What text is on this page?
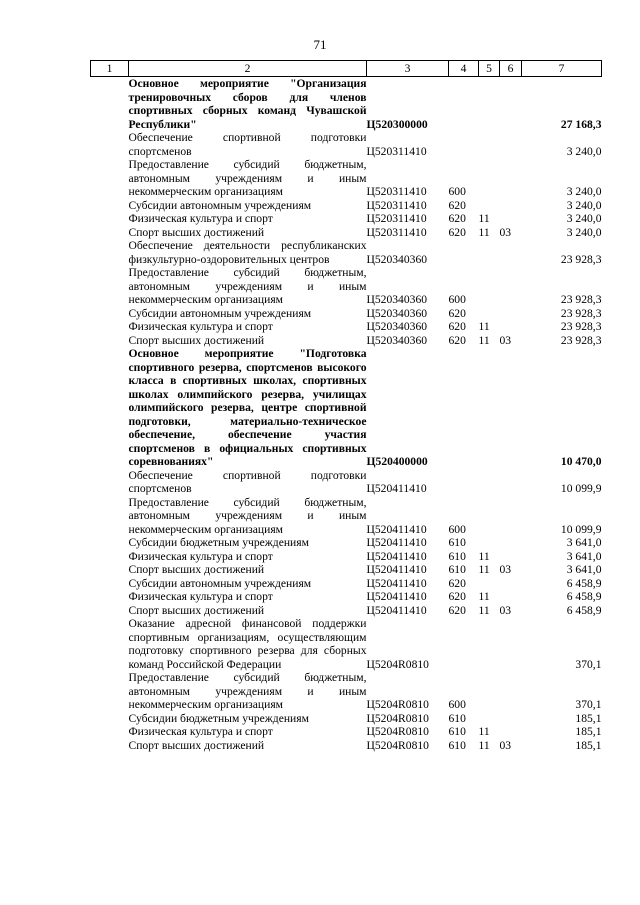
71
1	2	3	4	5	6	7
	Основное мероприятие "Организация тренировочных сборов для членов спортивных сборных команд Чувашской Республики"	Ц520300000				27 168,3
	Обеспечение спортивной подготовки спортсменов	Ц520311410				3 240,0
	Предоставление субсидий бюджетным, автономным учреждениям и иным некоммерческим организациям	Ц520311410	600			3 240,0
	Субсидии автономным учреждениям	Ц520311410	620			3 240,0
	Физическая культура и спорт	Ц520311410	620	11		3 240,0
	Спорт высших достижений	Ц520311410	620	11	03	3 240,0
	Обеспечение деятельности республиканских физкультурно-оздоровительных центров	Ц520340360				23 928,3
	Предоставление субсидий бюджетным, автономным учреждениям и иным некоммерческим организациям	Ц520340360	600			23 928,3
	Субсидии автономным учреждениям	Ц520340360	620			23 928,3
	Физическая культура и спорт	Ц520340360	620	11		23 928,3
	Спорт высших достижений	Ц520340360	620	11	03	23 928,3
	Основное мероприятие "Подготовка спортивного резерва, спортсменов высокого класса в спортивных школах, спортивных школах олимпийского резерва, училищах олимпийского резерва, центре спортивной подготовки, материально-техническое обеспечение, обеспечение участия спортсменов в официальных спортивных соревнованиях"	Ц520400000				10 470,0
	Обеспечение спортивной подготовки спортсменов	Ц520411410				10 099,9
	Предоставление субсидий бюджетным, автономным учреждениям и иным некоммерческим организациям	Ц520411410	600			10 099,9
	Субсидии бюджетным учреждениям	Ц520411410	610			3 641,0
	Физическая культура и спорт	Ц520411410	610	11		3 641,0
	Спорт высших достижений	Ц520411410	610	11	03	3 641,0
	Субсидии автономным учреждениям	Ц520411410	620			6 458,9
	Физическая культура и спорт	Ц520411410	620	11		6 458,9
	Спорт высших достижений	Ц520411410	620	11	03	6 458,9
	Оказание адресной финансовой поддержки спортивным организациям, осуществляющим подготовку спортивного резерва для сборных команд Российской Федерации	Ц5204R0810				370,1
	Предоставление субсидий бюджетным, автономным учреждениям и иным некоммерческим организациям	Ц5204R0810	600			370,1
	Субсидии бюджетным учреждениям	Ц5204R0810	610			185,1
	Физическая культура и спорт	Ц5204R0810	610	11		185,1
	Спорт высших достижений	Ц5204R0810	610	11	03	185,1
